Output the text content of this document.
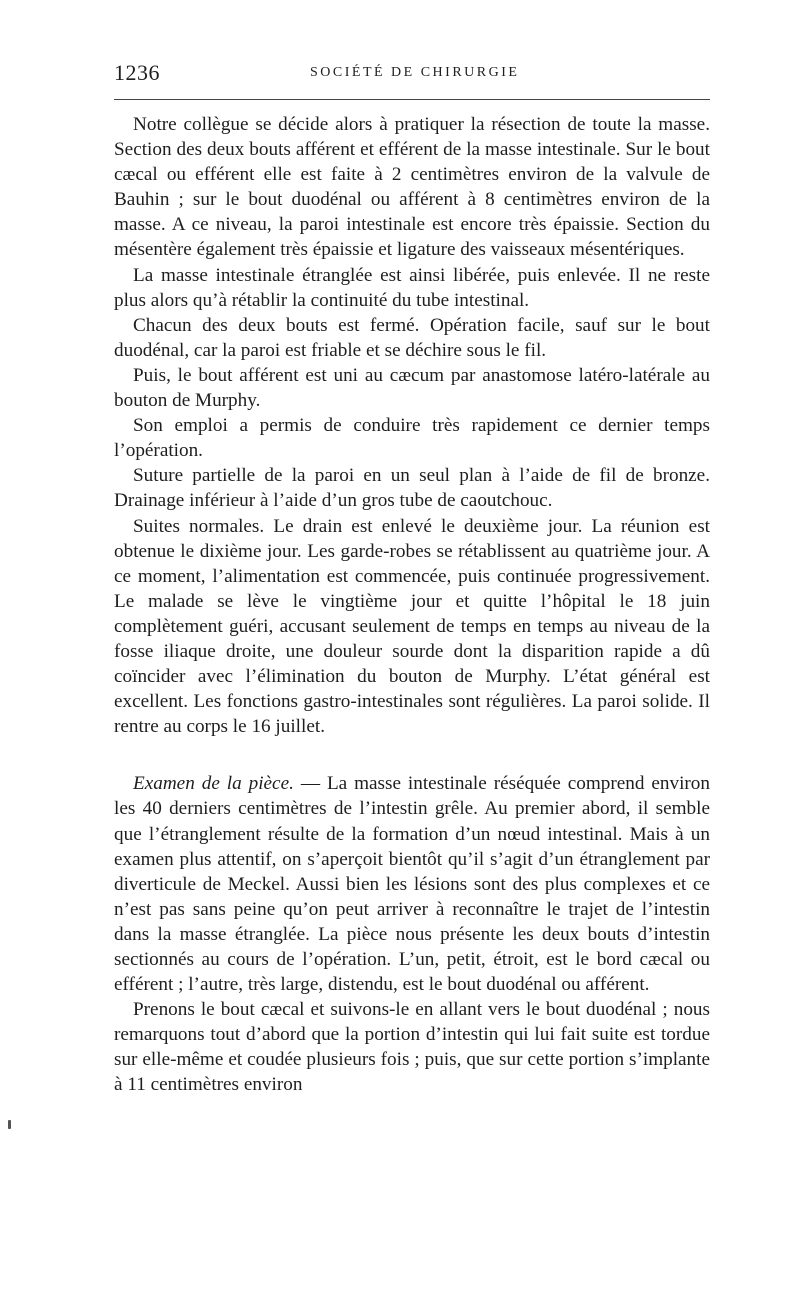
1236	SOCIÉTÉ DE CHIRURGIE

Notre collègue se décide alors à pratiquer la résection de toute la masse. Section des deux bouts afférent et efférent de la masse intestinale. Sur le bout cæcal ou efférent elle est faite à 2 centimètres environ de la valvule de Bauhin ; sur le bout duodénal ou afférent à 8 centimètres environ de la masse. A ce niveau, la paroi intestinale est encore très épaissie. Section du mésentère également très épaissie et ligature des vaisseaux mésentériques.

La masse intestinale étranglée est ainsi libérée, puis enlevée. Il ne reste plus alors qu’à rétablir la continuité du tube intestinal.

Chacun des deux bouts est fermé. Opération facile, sauf sur le bout duodénal, car la paroi est friable et se déchire sous le fil.

Puis, le bout afférent est uni au cæcum par anastomose latéro-latérale au bouton de Murphy.

Son emploi a permis de conduire très rapidement ce dernier temps l’opération.

Suture partielle de la paroi en un seul plan à l’aide de fil de bronze. Drainage inférieur à l’aide d’un gros tube de caoutchouc.

Suites normales. Le drain est enlevé le deuxième jour. La réunion est obtenue le dixième jour. Les garde-robes se rétablissent au quatrième jour. A ce moment, l’alimentation est commencée, puis continuée progressivement. Le malade se lève le vingtième jour et quitte l’hôpital le 18 juin complètement guéri, accusant seulement de temps en temps au niveau de la fosse iliaque droite, une douleur sourde dont la disparition rapide a dû coïncider avec l’élimination du bouton de Murphy. L’état général est excellent. Les fonctions gastro-intestinales sont régulières. La paroi solide. Il rentre au corps le 16 juillet.

Examen de la pièce. — La masse intestinale réséquée comprend environ les 40 derniers centimètres de l’intestin grêle. Au premier abord, il semble que l’étranglement résulte de la formation d’un nœud intestinal. Mais à un examen plus attentif, on s’aperçoit bientôt qu’il s’agit d’un étranglement par diverticule de Meckel. Aussi bien les lésions sont des plus complexes et ce n’est pas sans peine qu’on peut arriver à reconnaître le trajet de l’intestin dans la masse étranglée. La pièce nous présente les deux bouts d’intestin sectionnés au cours de l’opération. L’un, petit, étroit, est le bord cæcal ou efférent ; l’autre, très large, distendu, est le bout duodénal ou afférent.

Prenons le bout cæcal et suivons-le en allant vers le bout duodénal ; nous remarquons tout d’abord que la portion d’intestin qui lui fait suite est tordue sur elle-même et coudée plusieurs fois ; puis, que sur cette portion s’implante à 11 centimètres environ
